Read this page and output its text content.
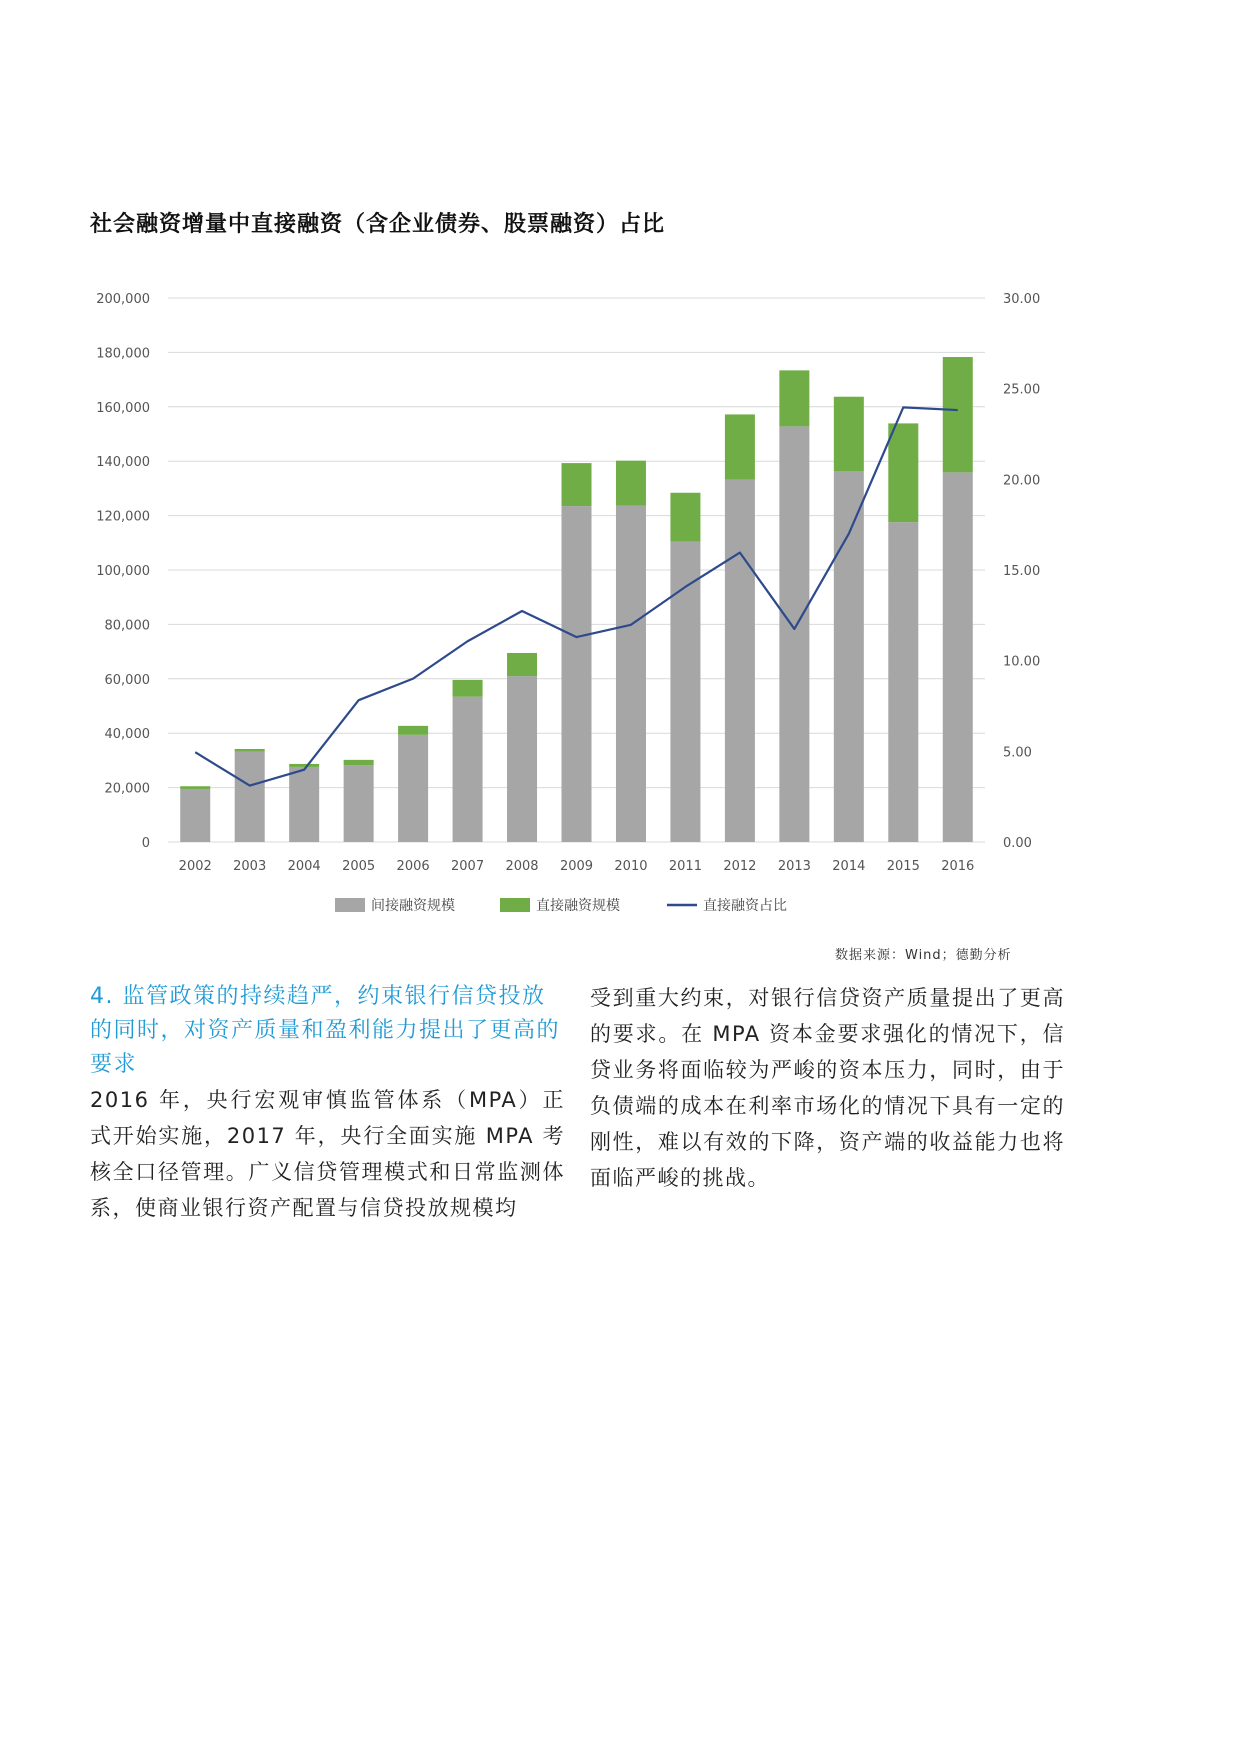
社会融资增量中直接融资（含企业债券、股票融资）占比
0
20,000
40,000
60,000
80,000
100,000
120,000
140,000
160,000
180,000
200,000
0.00
5.00
10.00
15.00
20.00
25.00
30.00
2002 2003 2004 2005 2006 2007 2008 2009 2010 2011 2012 2013 2014 2015 2016
间接融资规模	直接融资规模	直接融资占比
数据来源：Wind；德勤分析
4. 监管政策的持续趋严，约束银行信贷投放的同时，对资产质量和盈利能力提出了更高的要求

2016 年，央行宏观审慎监管体系（MPA）正式开始实施，2017 年，央行全面实施 MPA 考核全口径管理。广义信贷管理模式和日常监测体系，使商业银行资产配置与信贷投放规模均

受到重大约束，对银行信贷资产质量提出了更高的要求。在 MPA 资本金要求强化的情况下，信贷业务将面临较为严峻的资本压力，同时，由于负债端的成本在利率市场化的情况下具有一定的刚性，难以有效的下降，资产端的收益能力也将面临严峻的挑战。
